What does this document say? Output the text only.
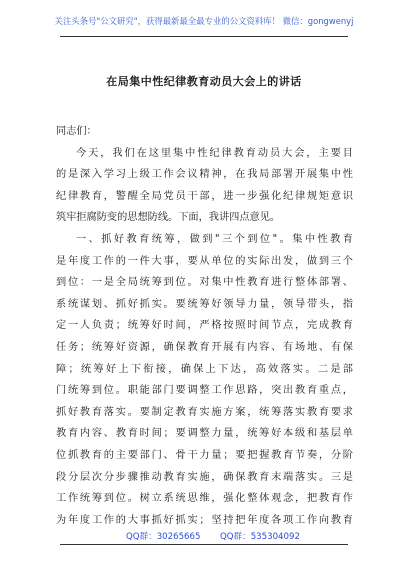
关注头条号"公文研究"，获得最新最全最专业的公文资料库！ 微信：gongwenyj
在局集中性纪律教育动员大会上的讲话
同志们：
今天，我们在这里集中性纪律教育动员大会，主要目
的是深入学习上级工作会议精神，在我局部署开展集中性
纪律教育，警醒全局党员干部，进一步强化纪律规矩意识
筑牢拒腐防变的思想防线。下面，我讲四点意见。
一、抓好教育统筹，做到"三个到位"。集中性教育
是年度工作的一件大事，要从单位的实际出发，做到三个
到位：一是全局统筹到位。对集中性教育进行整体部署、
系统谋划、抓好抓实。要统筹好领导力量，领导带头，指
定一人负责；统筹好时间，严格按照时间节点，完成教育
任务；统筹好资源，确保教育开展有内容、有场地、有保
障；统筹好上下衔接，确保上下达，高效落实。二是部
门统筹到位。职能部门要调整工作思路，突出教育重点，
抓好教育落实。要制定教育实施方案，统筹落实教育要求
教育内容、教育时间；要调整力量，统筹好本级和基层单
位抓教育的主要部门、骨干力量；要把握教育节奏，分阶
段分层次分步骤推动教育实施，确保教育末端落实。三是
工作统筹到位。树立系统思维，强化整体观念，把教育作
为年度工作的大事抓好抓实；坚持把年度各项工作向教育
QQ群：30265665 QQ群：535304092
